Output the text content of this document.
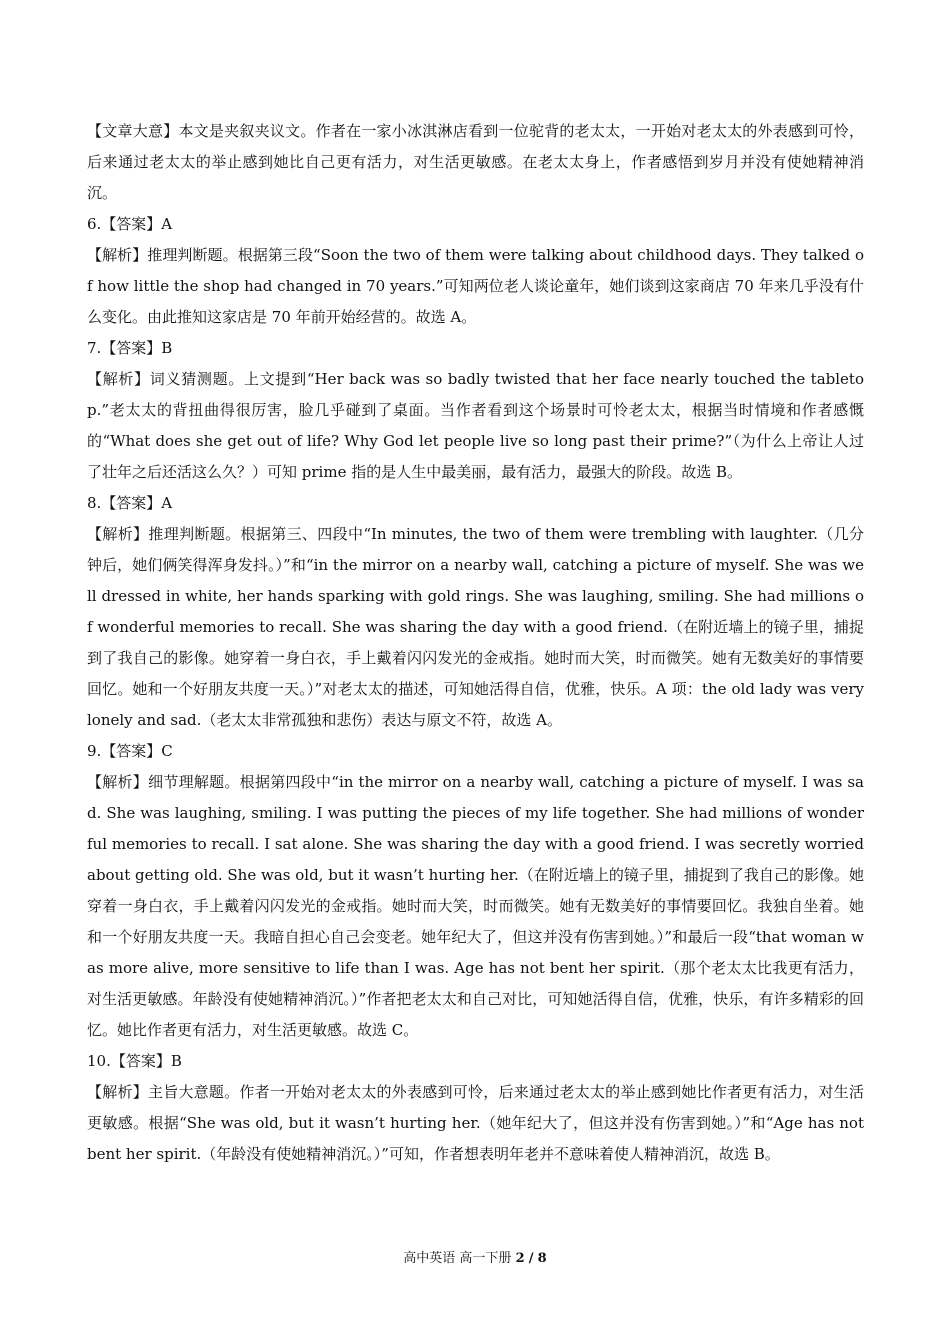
【文章大意】本文是夹叙夹议文。作者在一家小冰淇淋店看到一位驼背的老太太，一开始对老太太的外表感到可怜，后来通过老太太的举止感到她比自己更有活力，对生活更敏感。在老太太身上，作者感悟到岁月并没有使她精神消沉。

6.【答案】A

【解析】推理判断题。根据第三段“Soon the two of them were talking about childhood days. They talked of how little the shop had changed in 70 years.”可知两位老人谈论童年，她们谈到这家商店 70 年来几乎没有什么变化。由此推知这家店是 70 年前开始经营的。故选 A。

7.【答案】B

【解析】词义猜测题。上文提到“Her back was so badly twisted that her face nearly touched the tabletop.”老太太的背扭曲得很厉害，脸几乎碰到了桌面。当作者看到这个场景时可怜老太太，根据当时情境和作者感慨的“What does she get out of life? Why God let people live so long past their prime?”（为什么上帝让人过了壮年之后还活这么久？）可知 prime 指的是人生中最美丽，最有活力，最强大的阶段。故选 B。

8.【答案】A

【解析】推理判断题。根据第三、四段中“In minutes, the two of them were trembling with laughter.（几分钟后，她们俩笑得浑身发抖。）”和“in the mirror on a nearby wall, catching a picture of myself. She was well dressed in white, her hands sparking with gold rings. She was laughing, smiling. She had millions of wonderful memories to recall. She was sharing the day with a good friend.（在附近墙上的镜子里，捕捉到了我自己的影像。她穿着一身白衣，手上戴着闪闪发光的金戒指。她时而大笑，时而微笑。她有无数美好的事情要回忆。她和一个好朋友共度一天。）”对老太太的描述，可知她活得自信，优雅，快乐。A 项：the old lady was very lonely and sad.（老太太非常孤独和悲伤）表达与原文不符，故选 A。

9.【答案】C

【解析】细节理解题。根据第四段中“in the mirror on a nearby wall, catching a picture of myself. I was sad. She was laughing, smiling. I was putting the pieces of my life together. She had millions of wonderful memories to recall. I sat alone. She was sharing the day with a good friend. I was secretly worried about getting old. She was old, but it wasn’t hurting her.（在附近墙上的镜子里，捕捉到了我自己的影像。她穿着一身白衣，手上戴着闪闪发光的金戒指。她时而大笑，时而微笑。她有无数美好的事情要回忆。我独自坐着。她和一个好朋友共度一天。我暗自担心自己会变老。她年纪大了，但这并没有伤害到她。）”和最后一段“that woman was more alive, more sensitive to life than I was. Age has not bent her spirit.（那个老太太比我更有活力，对生活更敏感。年龄没有使她精神消沉。）”作者把老太太和自己对比，可知她活得自信，优雅，快乐，有许多精彩的回忆。她比作者更有活力，对生活更敏感。故选 C。

10.【答案】B

【解析】主旨大意题。作者一开始对老太太的外表感到可怜，后来通过老太太的举止感到她比作者更有活力，对生活更敏感。根据“She was old, but it wasn’t hurting her.（她年纪大了，但这并没有伤害到她。）”和“Age has not bent her spirit.（年龄没有使她精神消沉。）”可知，作者想表明年老并不意味着使人精神消沉，故选 B。

高中英语 高一下册 2 / 8
